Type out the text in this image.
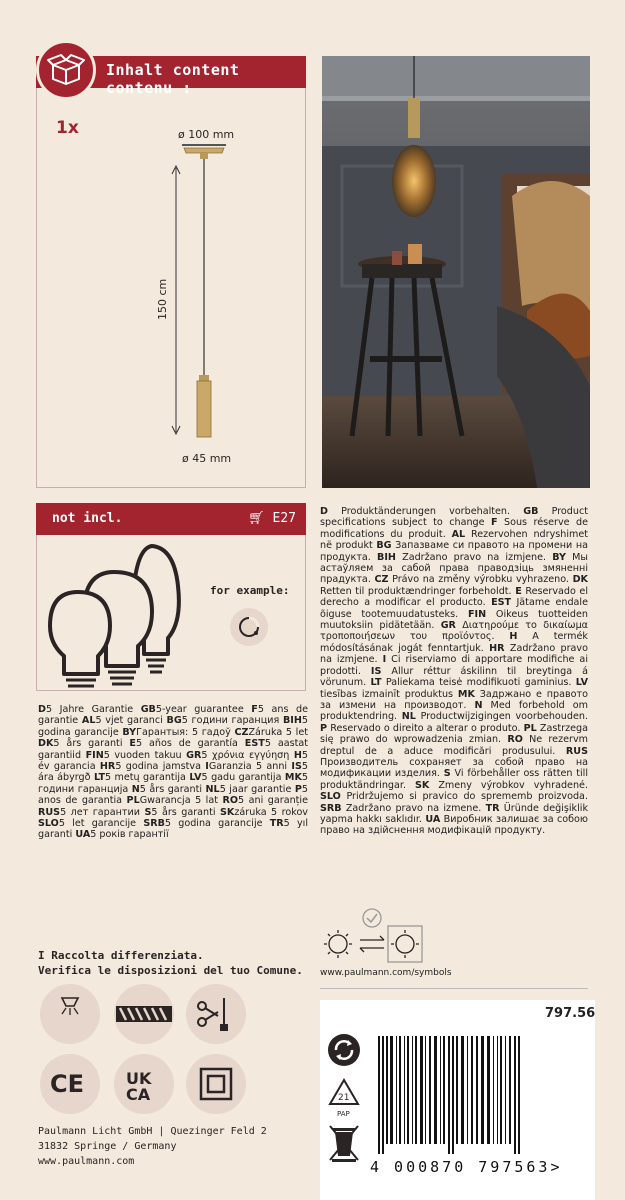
Inhalt content contenu :
1x	ø 100 mm
150 cm
ø 45 mm
not incl.	🛒︎ E27
for example:
D5 Jahre Garantie GB5-year guarantee F5 ans de garantie AL5 vjet garanci BG5 години гаранция BIH5 godina garancije BYГарантыя: 5 гадоў CZZáruka 5 let DK5 års garanti E5 años de garantía EST5 aastat garantiid FIN5 vuoden takuu GR5 χρόνια εγγύηση H5 év garancia HR5 godina jamstva IGaranzia 5 anni IS5 ára ábyrgð LT5 metų garantija LV5 gadu garantija MK5 години гаранција N5 års garanti NL5 jaar garantie P5 anos de garantia PLGwarancja 5 lat RO5 ani garanție RUS5 лет гарантии S5 års garanti SKzáruka 5 rokov SLO5 let garancije SRB5 godina garancije TR5 yıl garanti UA5 років гарантії
D Produktänderungen vorbehalten. GB Product specifications subject to change F Sous réserve de modifications du produit. AL Rezervohen ndryshimet në produkt BG Запазваме си правото на промени на продукта. BIH Zadržano pravo na izmjene. BY Мы астаўляем за сабой права праводзіць змяненні прадукта. CZ Právo na změny výrobku vyhrazeno. DK Retten til produktændringer forbeholdt. E Reservado el derecho a modificar el producto. EST Jätame endale õiguse tootemuudatusteks. FIN Oikeus tuotteiden muutoksiin pidätetään. GR Διατηρούμε το δικαίωμα τροποποιήσεων του προϊόντος. H A termék módosításának jogát fenntartjuk. HR Zadržano pravo na izmjene. I Ci riserviamo di apportare modifiche ai prodotti. IS Allur réttur áskilinn til breytinga á vörunum. LT Paliekama teisė modifikuoti gaminius. LV tiesības izmainīt produktus MK Задржано е правото за измени на производот. N Med forbehold om produktendring. NL Productwijzigingen voorbehouden. P Reservado o direito a alterar o produto. PL Zastrzega się prawo do wprowadzenia zmian. RO Ne rezervm dreptul de a aduce modificări produsului. RUS Производитель сохраняет за собой право на модификации изделия. S Vi förbehåller oss rätten till produktändringar. SK Zmeny výrobkov vyhradené. SLO Pridržujemo si pravico do sprememb proizvoda. SRB Zadržano pravo na izmene. TR Üründe değişiklik yapma hakkı saklıdır. UA Виробник залишає за собою право на здійснення модифікацій продукту.
I Raccolta differenziata.
Verifica le disposizioni del tuo Comune.
CE	UK
CA
Paulmann Licht GmbH | Quezinger Feld 2
31832 Springe / Germany
www.paulmann.com
www.paulmann.com/symbols
797.56
21
PAP
4 000870 797563>
